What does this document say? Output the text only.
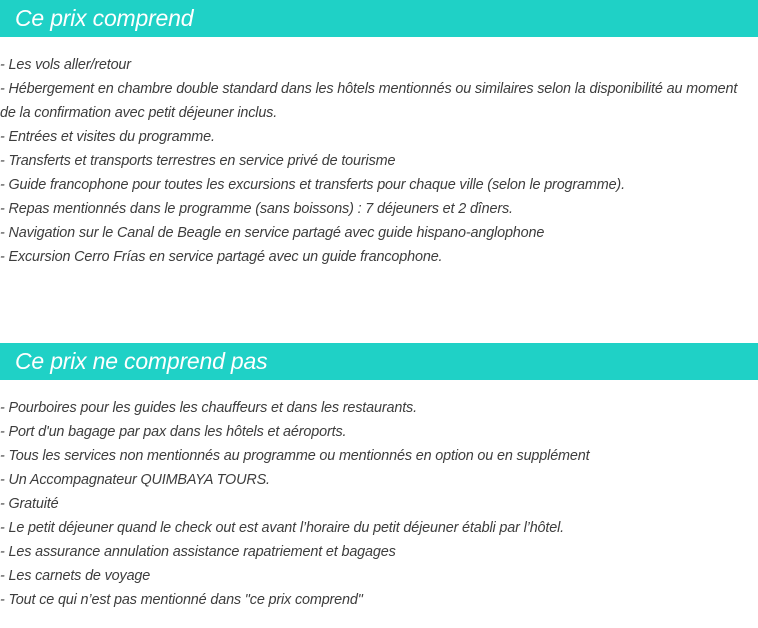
Ce prix comprend
- Les vols aller/retour
- Hébergement en chambre double standard dans les hôtels mentionnés ou similaires selon la disponibilité au moment de la confirmation avec petit déjeuner inclus.
- Entrées et visites du programme.
- Transferts et transports terrestres en service privé de tourisme
- Guide francophone pour toutes les excursions et transferts pour chaque ville (selon le programme).
- Repas mentionnés dans le programme (sans boissons) : 7 déjeuners et 2 dîners.
- Navigation sur le Canal de Beagle en service partagé avec guide hispano-anglophone
- Excursion Cerro Frías en service partagé avec un guide francophone.
Ce prix ne comprend pas
- Pourboires pour les guides les chauffeurs et dans les restaurants.
- Port d'un bagage par pax dans les hôtels et aéroports.
- Tous les services non mentionnés au programme ou mentionnés en option ou en supplément
- Un Accompagnateur QUIMBAYA TOURS.
- Gratuité
- Le petit déjeuner quand le check out est avant l’horaire du petit déjeuner établi par l’hôtel.
- Les assurance annulation assistance rapatriement et bagages
- Les carnets de voyage
- Tout ce qui n’est pas mentionné dans "ce prix comprend"
